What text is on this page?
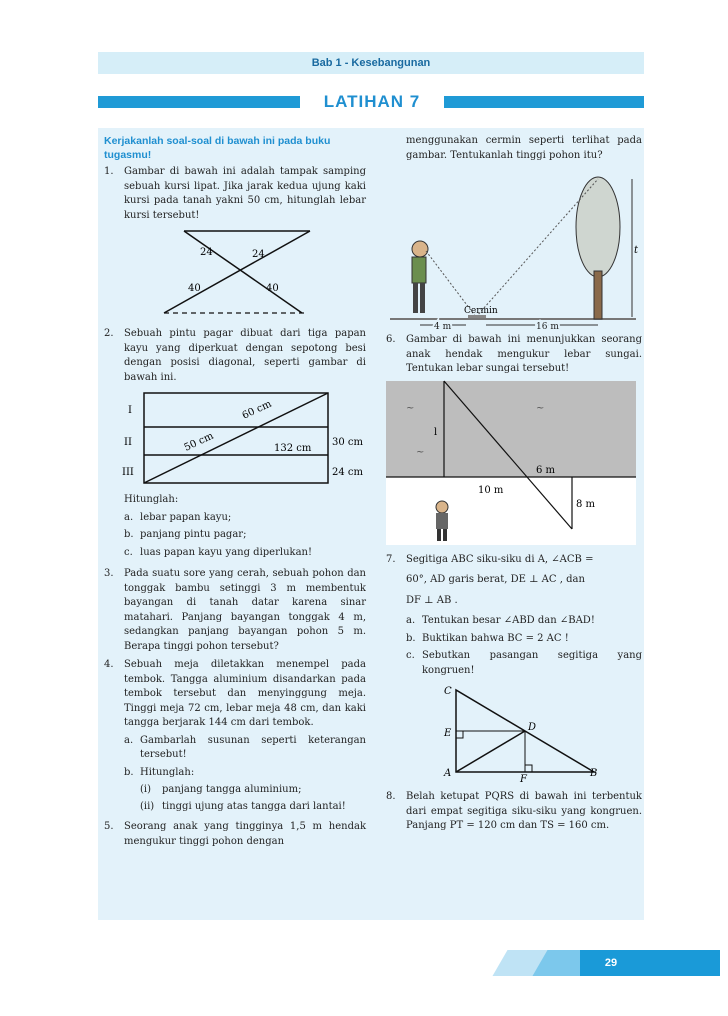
Bab 1 - Kesebangunan
LATIHAN 7
Kerjakanlah soal-soal di bawah ini pada buku tugasmu!
1.	Gambar di bawah ini adalah tampak samping sebuah kursi lipat. Jika jarak kedua ujung kaki kursi pada tanah yakni 50 cm, hitunglah lebar kursi tersebut!
24	24
40	40
2.	Sebuah pintu pagar dibuat dari tiga papan kayu yang diperkuat dengan sepotong besi dengan posisi diagonal, seperti gambar di bawah ini.
I
II
III
60 cm
50 cm	132 cm
30 cm
24 cm
Hitunglah:
a. lebar papan kayu;
b. panjang pintu pagar;
c. luas papan kayu yang diperlukan!
3.	Pada suatu sore yang cerah, sebuah pohon dan tonggak bambu setinggi 3 m membentuk bayangan di tanah datar karena sinar matahari. Panjang bayangan tonggak 4 m, sedangkan panjang bayangan pohon 5 m. Berapa tinggi pohon tersebut?
4.	Sebuah meja diletakkan menempel pada tembok. Tangga aluminium disandarkan pada tembok tersebut dan menyinggung meja. Tinggi meja 72 cm, lebar meja 48 cm, dan kaki tangga berjarak 144 cm dari tembok.
a. Gambarlah susunan seperti keterangan tersebut!
b. Hitunglah:
(i)	panjang tangga aluminium;
(ii) tinggi ujung atas tangga dari lantai!
5.	Seorang anak yang tingginya 1,5 m hendak mengukur tinggi pohon dengan
menggunakan cermin seperti terlihat pada gambar. Tentukanlah tinggi pohon itu?
t
Cermin
4 m	16 m
6.	Gambar di bawah ini menunjukkan seorang anak hendak mengukur lebar sungai. Tentukan lebar sungai tersebut!
~	~
~
l
6 m
10 m
8 m
7.	Segitiga ABC siku-siku di A, ∠ACB =
60°, AD garis berat, DE ⊥ AC , dan
DF ⊥ AB .
a. Tentukan besar ∠ABD dan ∠BAD!
b. Buktikan bahwa BC = 2 AC !
c. Sebutkan pasangan segitiga yang kongruen!
C
E
D
A
F
B
8.	Belah ketupat PQRS di bawah ini terbentuk dari empat segitiga siku-siku yang kongruen. Panjang PT = 120 cm dan TS = 160 cm.
29
